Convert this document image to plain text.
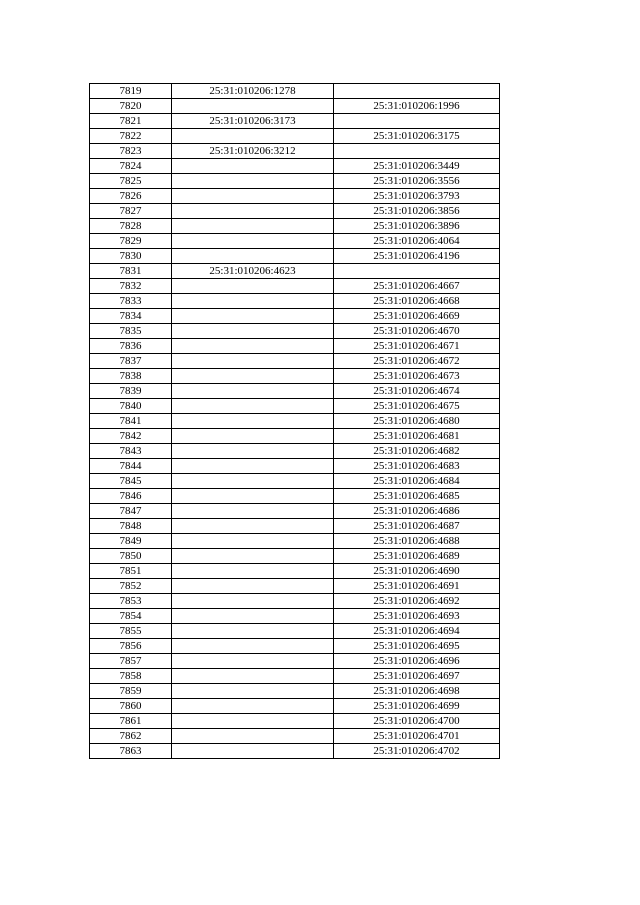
7819	25:31:010206:1278	
7820		25:31:010206:1996
7821	25:31:010206:3173	
7822		25:31:010206:3175
7823	25:31:010206:3212	
7824		25:31:010206:3449
7825		25:31:010206:3556
7826		25:31:010206:3793
7827		25:31:010206:3856
7828		25:31:010206:3896
7829		25:31:010206:4064
7830		25:31:010206:4196
7831	25:31:010206:4623	
7832		25:31:010206:4667
7833		25:31:010206:4668
7834		25:31:010206:4669
7835		25:31:010206:4670
7836		25:31:010206:4671
7837		25:31:010206:4672
7838		25:31:010206:4673
7839		25:31:010206:4674
7840		25:31:010206:4675
7841		25:31:010206:4680
7842		25:31:010206:4681
7843		25:31:010206:4682
7844		25:31:010206:4683
7845		25:31:010206:4684
7846		25:31:010206:4685
7847		25:31:010206:4686
7848		25:31:010206:4687
7849		25:31:010206:4688
7850		25:31:010206:4689
7851		25:31:010206:4690
7852		25:31:010206:4691
7853		25:31:010206:4692
7854		25:31:010206:4693
7855		25:31:010206:4694
7856		25:31:010206:4695
7857		25:31:010206:4696
7858		25:31:010206:4697
7859		25:31:010206:4698
7860		25:31:010206:4699
7861		25:31:010206:4700
7862		25:31:010206:4701
7863		25:31:010206:4702
